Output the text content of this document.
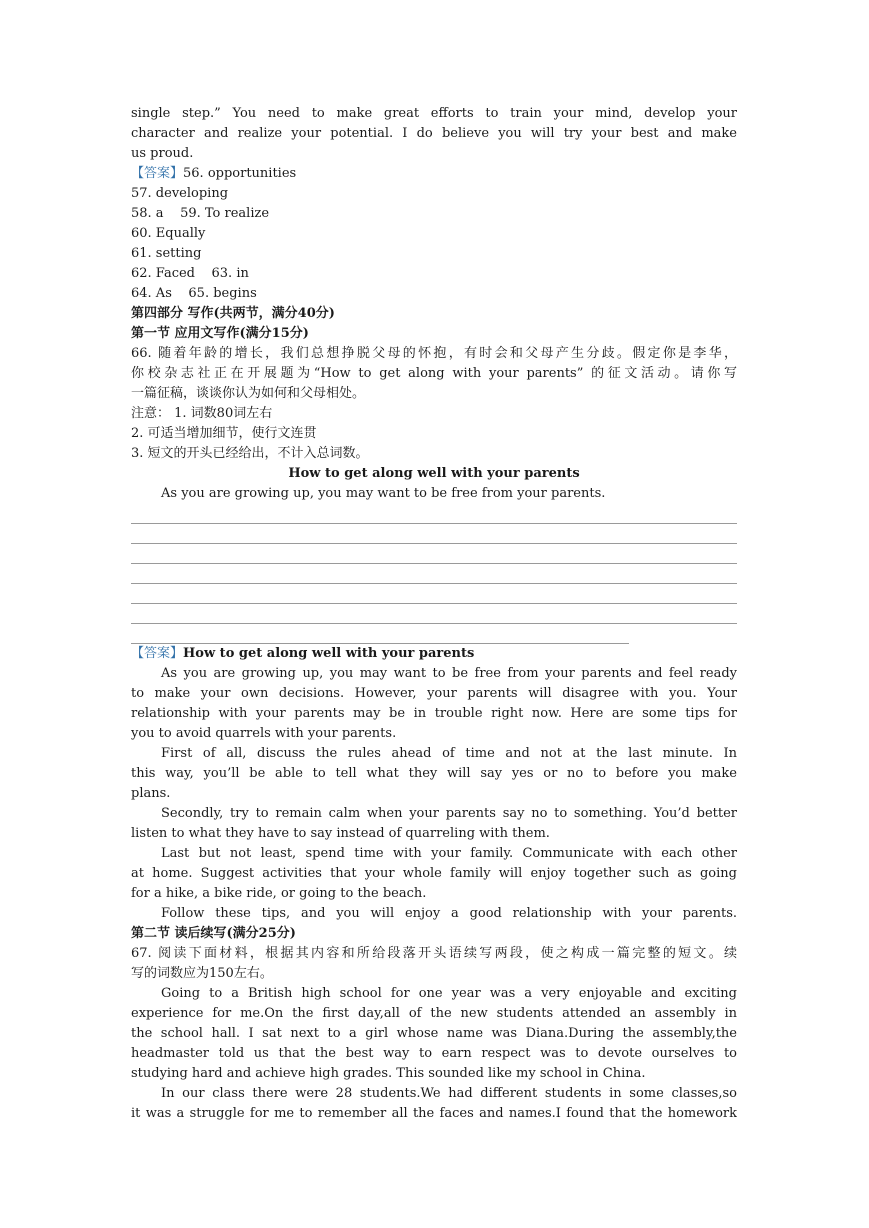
single step.” You need to make great efforts to train your mind, develop your
character and realize your potential. I do believe you will try your best and make
us proud.
【答案】56. opportunities
57. developing
58. a    59. To realize
60. Equally
61. setting
62. Faced    63. in
64. As    65. begins
第四部分 写作(共两节，满分40分)
第一节 应用文写作(满分15分)
66. 随着年龄的增长，我们总想挣脱父母的怀抱，有时会和父母产生分歧。假定你是李华，
你校杂志社正在开展题为“How to get along with your parents” 的征文活动。请你写
一篇征稿，谈谈你认为如何和父母相处。
注意： 1. 词数80词左右
2. 可适当增加细节，使行文连贯
3. 短文的开头已经给出，不计入总词数。
How to get along well with your parents
As you are growing up, you may want to be free from your parents.
【答案】How to get along well with your parents
As you are growing up, you may want to be free from your parents and feel ready
to make your own decisions. However, your parents will disagree with you. Your
relationship with your parents may be in trouble right now. Here are some tips for
you to avoid quarrels with your parents.
First of all, discuss the rules ahead of time and not at the last minute. In
this way, you’ll be able to tell what they will say yes or no to before you make
plans.
Secondly, try to remain calm when your parents say no to something. You’d better
listen to what they have to say instead of quarreling with them.
Last but not least, spend time with your family. Communicate with each other
at home. Suggest activities that your whole family will enjoy together such as going
for a hike, a bike ride, or going to the beach.
Follow these tips, and you will enjoy a good relationship with your parents.
第二节 读后续写(满分25分)
67. 阅读下面材料，根据其内容和所给段落开头语续写两段，使之构成一篇完整的短文。续
写的词数应为150左右。
Going to a British high school for one year was a very enjoyable and exciting
experience for me.On the first day,all of the new students attended an assembly in
the school hall. I sat next to a girl whose name was Diana.During the assembly,the
headmaster told us that the best way to earn respect was to devote ourselves to
studying hard and achieve high grades. This sounded like my school in China.
In our class there were 28 students.We had different students in some classes,so
it was a struggle for me to remember all the faces and names.I found that the homework
